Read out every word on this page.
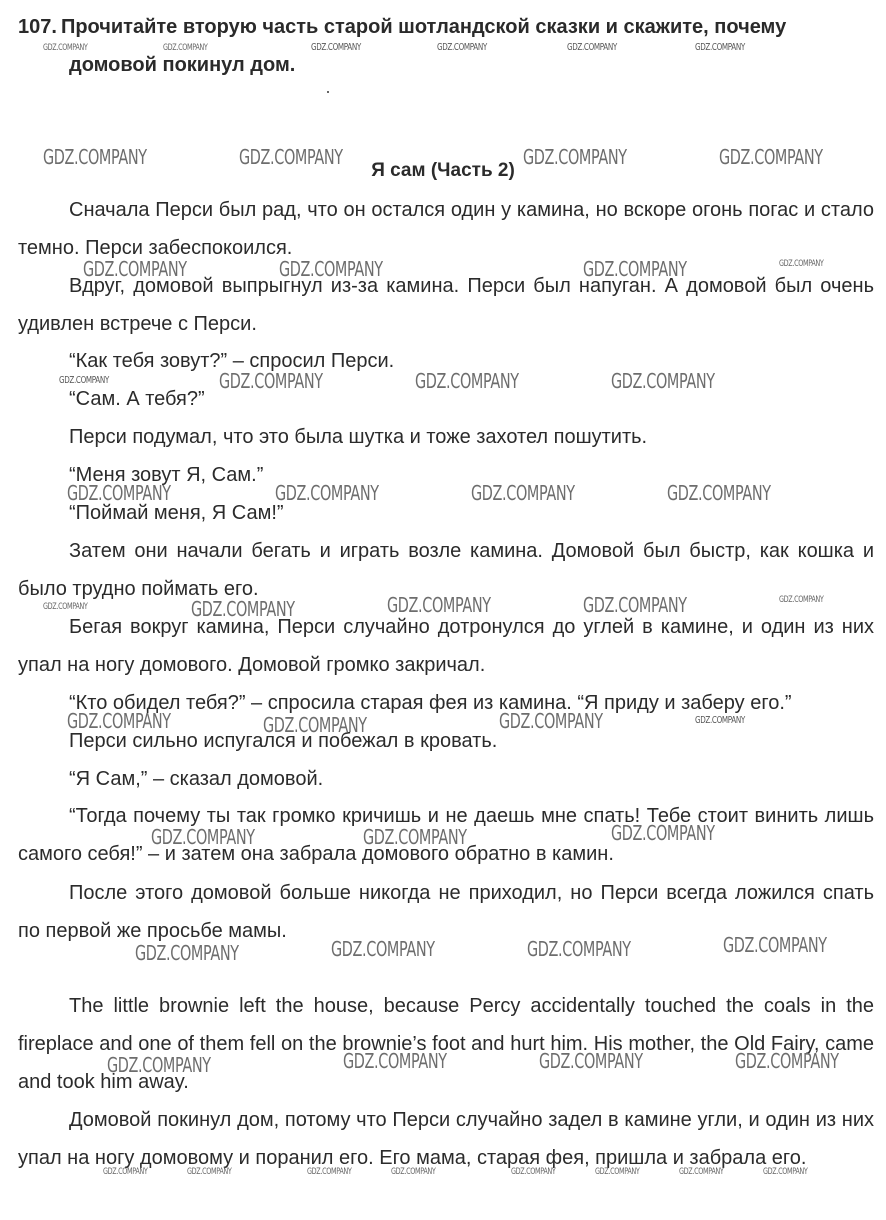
107. Прочитайте вторую часть старой шотландской сказки и скажите, почему
домовой покинул дом.
Я сам (Часть 2)
Сначала Перси был рад, что он остался один у камина, но вскоре огонь погас и стало темно. Перси забеспокоился.
Вдруг, домовой выпрыгнул из-за камина. Перси был напуган. А домовой был очень удивлен встрече с Перси.
“Как тебя зовут?” – спросил Перси.
“Сам. А тебя?”
Перси подумал, что это была шутка и тоже захотел пошутить.
“Меня зовут Я, Сам.”
“Поймай меня, Я Сам!”
Затем они начали бегать и играть возле камина. Домовой был быстр, как кошка и было трудно поймать его.
Бегая вокруг камина, Перси случайно дотронулся до углей в камине, и один из них упал на ногу домового. Домовой громко закричал.
“Кто обидел тебя?” – спросила старая фея из камина. “Я приду и заберу его.”
Перси сильно испугался и побежал в кровать.
“Я Сам,” – сказал домовой.
“Тогда почему ты так громко кричишь и не даешь мне спать! Тебе стоит винить лишь самого себя!” – и затем она забрала домового обратно в камин.
После этого домовой больше никогда не приходил, но Перси всегда ложился спать по первой же просьбе мамы.
The little brownie left the house, because Percy accidentally touched the coals in the fireplace and one of them fell on the brownie’s foot and hurt him. His mother, the Old Fairy, came and took him away.
Домовой покинул дом, потому что Перси случайно задел в камине угли, и один из них упал на ногу домовому и поранил его. Его мама, старая фея, пришла и забрала его.
GDZ.COMPANY	GDZ.COMPANY	GDZ.COMPANY	GDZ.COMPANY	GDZ.COMPANY	GDZ.COMPANY
GDZ.COMPANY	GDZ.COMPANY	GDZ.COMPANY	GDZ.COMPANY
GDZ.COMPANY	GDZ.COMPANY	GDZ.COMPANY	GDZ.COMPANY
GDZ.COMPANY	GDZ.COMPANY	GDZ.COMPANY	GDZ.COMPANY
GDZ.COMPANY	GDZ.COMPANY	GDZ.COMPANY	GDZ.COMPANY
GDZ.COMPANY	GDZ.COMPANY	GDZ.COMPANY	GDZ.COMPANY	GDZ.COMPANY
GDZ.COMPANY	GDZ.COMPANY	GDZ.COMPANY	GDZ.COMPANY
GDZ.COMPANY	GDZ.COMPANY	GDZ.COMPANY
GDZ.COMPANY	GDZ.COMPANY	GDZ.COMPANY	GDZ.COMPANY
GDZ.COMPANY	GDZ.COMPANY	GDZ.COMPANY	GDZ.COMPANY
GDZ.COMPANY	GDZ.COMPANY	GDZ.COMPANY	GDZ.COMPANY	GDZ.COMPANY	GDZ.COMPANY	GDZ.COMPANY	GDZ.COMPANY
